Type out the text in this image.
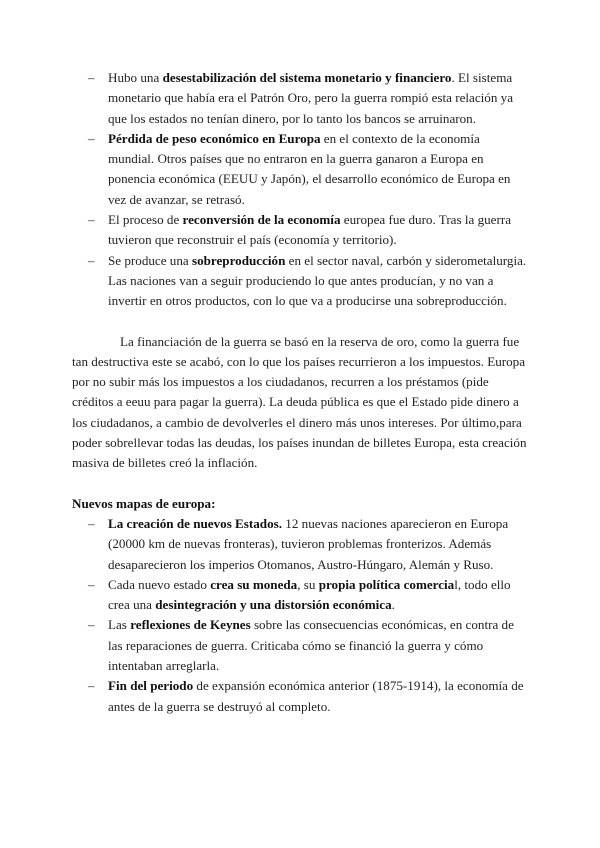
– Hubo una desestabilización del sistema monetario y financiero. El sistema monetario que había era el Patrón Oro, pero la guerra rompió esta relación ya que los estados no tenían dinero, por lo tanto los bancos se arruinaron.
– Pérdida de peso económico en Europa en el contexto de la economía mundial. Otros países que no entraron en la guerra ganaron a Europa en ponencia económica (EEUU y Japón), el desarrollo económico de Europa en vez de avanzar, se retrasó.
– El proceso de reconversión de la economía europea fue duro. Tras la guerra tuvieron que reconstruir el país (economía y territorio).
– Se produce una sobreproducción en el sector naval, carbón y siderometalurgia. Las naciones van a seguir produciendo lo que antes producían, y no van a invertir en otros productos, con lo que va a producirse una sobreproducción.

La financiación de la guerra se basó en la reserva de oro, como la guerra fue tan destructiva este se acabó, con lo que los países recurrieron a los impuestos. Europa por no subir más los impuestos a los ciudadanos, recurren a los préstamos (pide créditos a eeuu para pagar la guerra). La deuda pública es que el Estado pide dinero a los ciudadanos, a cambio de devolverles el dinero más unos intereses. Por último,para poder sobrellevar todas las deudas, los países inundan de billetes Europa, esta creación masiva de billetes creó la inflación.

Nuevos mapas de europa:
– La creación de nuevos Estados. 12 nuevas naciones aparecieron en Europa (20000 km de nuevas fronteras), tuvieron problemas fronterizos. Además desaparecieron los imperios Otomanos, Austro-Húngaro, Alemán y Ruso.
– Cada nuevo estado crea su moneda, su propia política comercial, todo ello crea una desintegración y una distorsión económica.
– Las reflexiones de Keynes sobre las consecuencias económicas, en contra de las reparaciones de guerra. Criticaba cómo se financió la guerra y cómo intentaban arreglarla.
– Fin del periodo de expansión económica anterior (1875-1914), la economía de antes de la guerra se destruyó al completo.
